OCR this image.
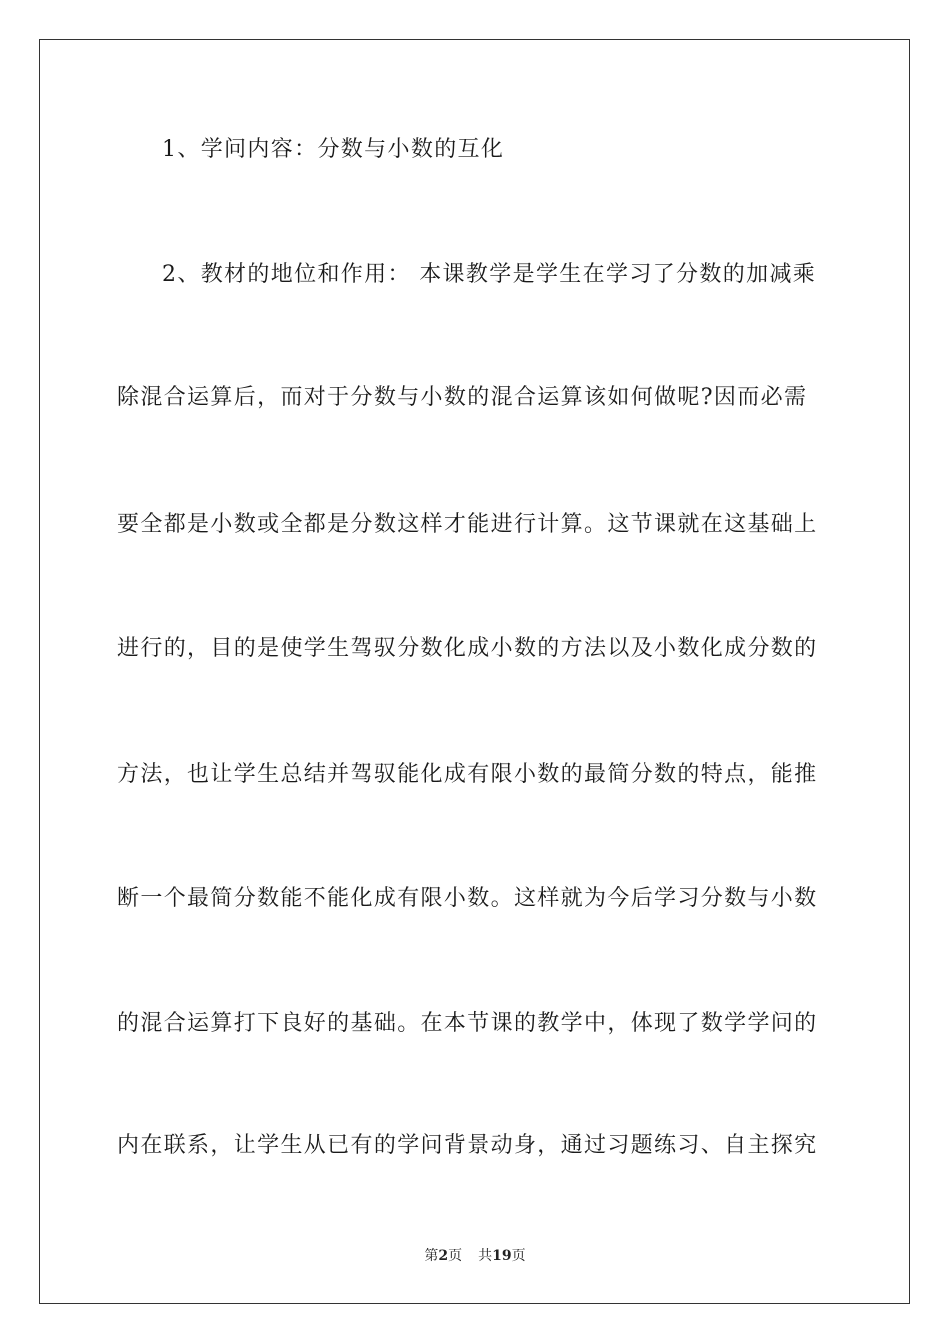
1、学问内容：分数与小数的互化
2、教材的地位和作用： 本课教学是学生在学习了分数的加减乘
除混合运算后，而对于分数与小数的混合运算该如何做呢?因而必需
要全都是小数或全都是分数这样才能进行计算。这节课就在这基础上
进行的，目的是使学生驾驭分数化成小数的方法以及小数化成分数的
方法，也让学生总结并驾驭能化成有限小数的最简分数的特点，能推
断一个最简分数能不能化成有限小数。这样就为今后学习分数与小数
的混合运算打下良好的基础。在本节课的教学中，体现了数学学问的
内在联系，让学生从已有的学问背景动身，通过习题练习、自主探究
第2页 共19页
